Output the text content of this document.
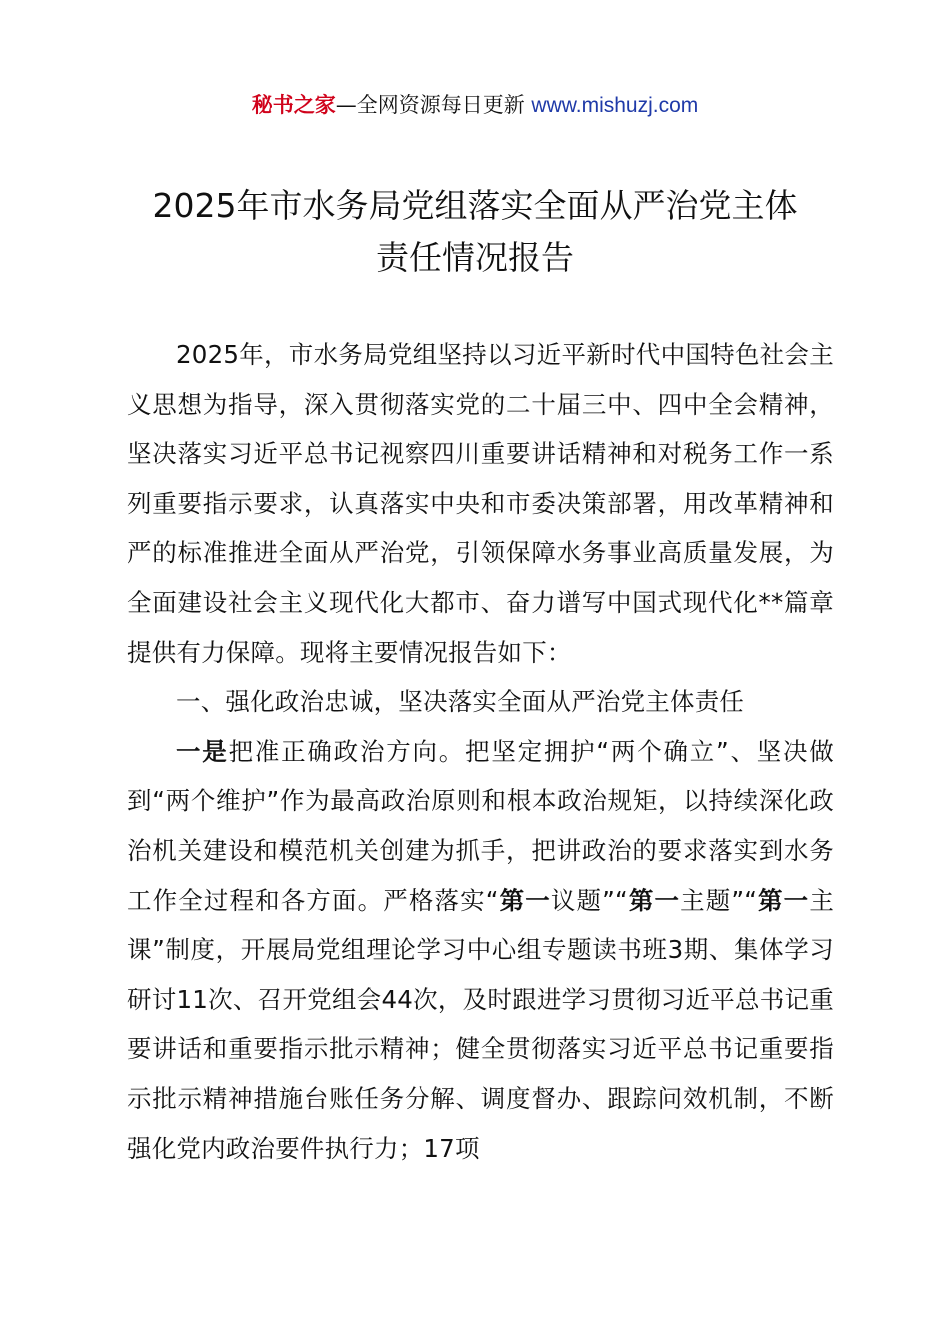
秘书之家—全网资源每日更新 www.mishuzj.com
2025年市水务局党组落实全面从严治党主体
责任情况报告

2025年，市水务局党组坚持以习近平新时代中国特色社会主义思想为指导，深入贯彻落实党的二十届三中、四中全会精神，坚决落实习近平总书记视察四川重要讲话精神和对税务工作一系列重要指示要求，认真落实中央和市委决策部署，用改革精神和严的标准推进全面从严治党，引领保障水务事业高质量发展，为全面建设社会主义现代化大都市、奋力谱写中国式现代化**篇章提供有力保障。现将主要情况报告如下：

一、强化政治忠诚，坚决落实全面从严治党主体责任

一是把准正确政治方向。把坚定拥护“两个确立”、坚决做到“两个维护”作为最高政治原则和根本政治规矩，以持续深化政治机关建设和模范机关创建为抓手，把讲政治的要求落实到水务工作全过程和各方面。严格落实“第一议题”“第一主题”“第一主课”制度，开展局党组理论学习中心组专题读书班3期、集体学习研讨11次、召开党组会44次，及时跟进学习贯彻习近平总书记重要讲话和重要指示批示精神；健全贯彻落实习近平总书记重要指示批示精神措施台账任务分解、调度督办、跟踪问效机制，不断强化党内政治要件执行力；17项
